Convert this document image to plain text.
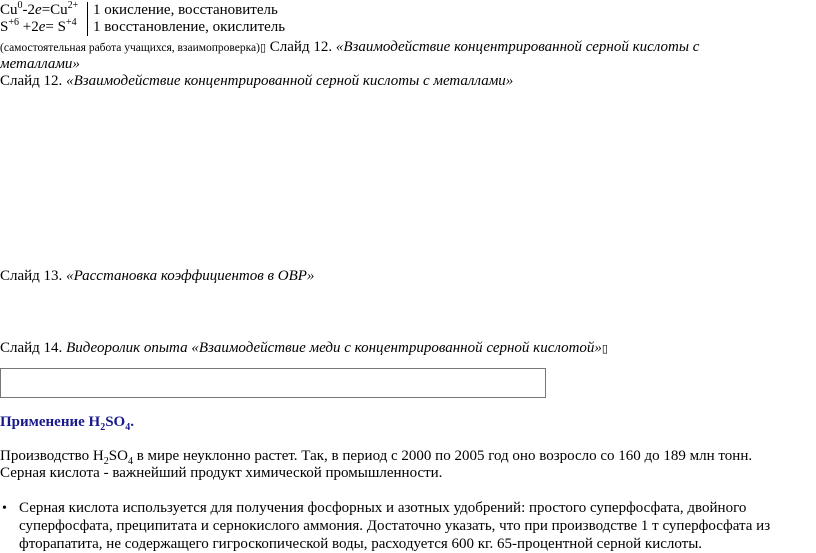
$Cu^0-2e=Cu^{2+}$ 1 окисление, восстановитель
$S^{+6} +2e= S^{+4}$ 1 восстановление, окислитель
(самостоятельная работа учащихся, взаимопроверка)▯ Слайд 12. «Взаимодействие концентрированной серной кислоты с
металлами»
Слайд 12. «Взаимодействие концентрированной серной кислоты с металлами»
Слайд 13. «Расстановка коэффициентов в ОВР»
Слайд 14. Видеоролик опыта «Взаимодействие меди с концентрированной серной кислотой»▯
Применение $H_2SO_4$.
Производство $H_2SO_4$ в мире неуклонно растет. Так, в период с 2000 по 2005 год оно возросло со 160 до 189 млн тонн.
Серная кислота - важнейший продукт химической промышленности.
• Серная кислота используется для получения фосфорных и азотных удобрений: простого суперфосфата, двойного
суперфосфата, преципитата и сернокислого аммония. Достаточно указать, что при производстве 1 т суперфосфата из
фторапатита, не содержащего гигроскопической воды, расходуется 600 кг. 65-процентной серной кислоты.
